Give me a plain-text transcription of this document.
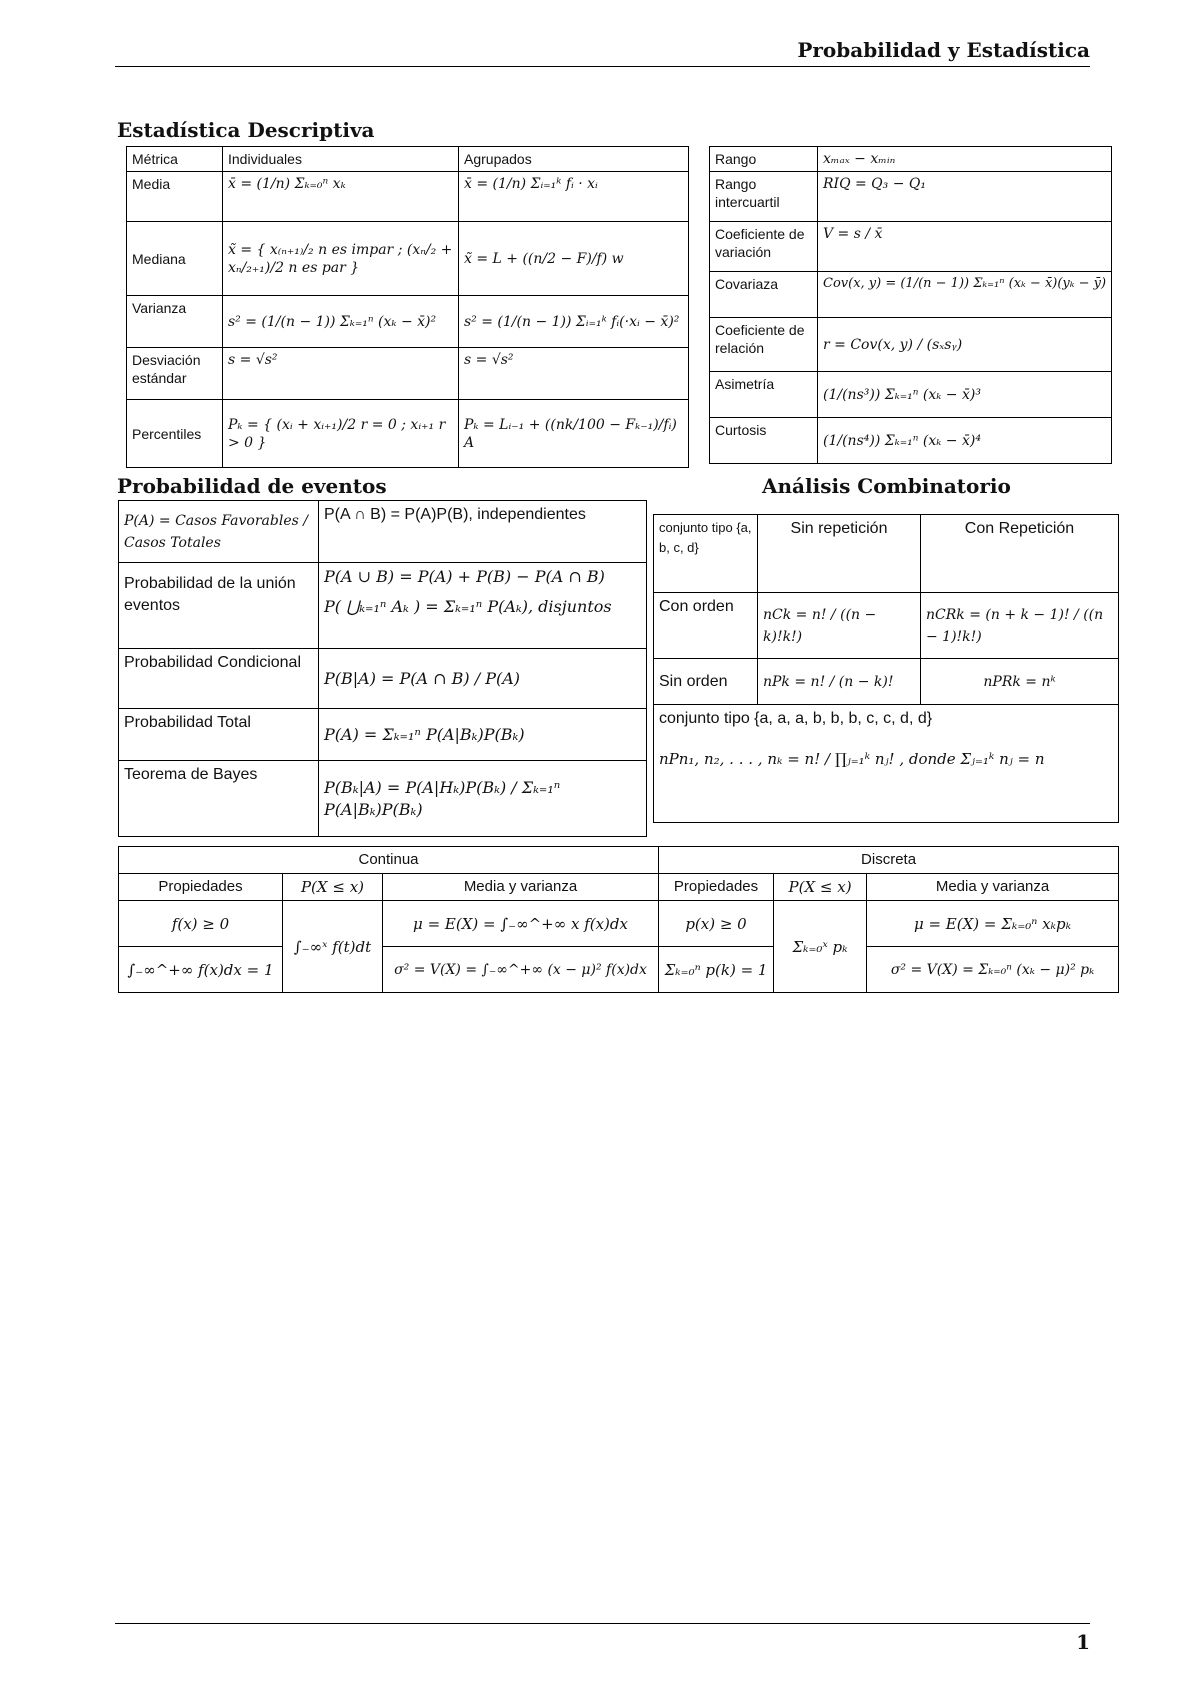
Probabilidad y Estadística
Estadística Descriptiva
Métrica	Individuales	Agrupados
Media	x̄ = (1/n) Σₖ₌₀ⁿ xₖ	x̄ = (1/n) Σᵢ₌₁ᵏ fᵢ · xᵢ
Mediana	x̃ = { x₍ₙ₊₁₎/₂ n es impar ; (xₙ/₂ + xₙ/₂₊₁)/2 n es par }	x̃ = L + ((n/2 − F)/f) w
Varianza	s² = (1/(n − 1)) Σₖ₌₁ⁿ (xₖ − x̄)²	s² = (1/(n − 1)) Σᵢ₌₁ᵏ fᵢ(·xᵢ − x̄)²
Desviación estándar	s = √s²	s = √s²
Percentiles	Pₖ = { (xᵢ + xᵢ₊₁)/2 r = 0 ; xᵢ₊₁ r > 0 }	Pₖ = Lᵢ₋₁ + ((nk/100 − Fₖ₋₁)/fᵢ) A
Rango	xₘₐₓ − xₘᵢₙ
Rango intercuartil	RIQ = Q₃ − Q₁
Coeficiente de variación	V = s / x̄
Covariaza	Cov(x, y) = (1/(n − 1)) Σₖ₌₁ⁿ (xₖ − x̄)(yₖ − ȳ)
Coeficiente de relación	r = Cov(x, y) / (sₓsᵧ)
Asimetría	(1/(ns³)) Σₖ₌₁ⁿ (xₖ − x̄)³
Curtosis	(1/(ns⁴)) Σₖ₌₁ⁿ (xₖ − x̄)⁴
Probabilidad de eventos	Análisis Combinatorio
P(A) = Casos Favorables / Casos Totales	P(A ∩ B) = P(A)P(B), independientes
Probabilidad de la unión eventos	P(A ∪ B) = P(A) + P(B) − P(A ∩ B)
P( ⋃ₖ₌₁ⁿ Aₖ ) = Σₖ₌₁ⁿ P(Aₖ), disjuntos

Probabilidad Condicional	P(B|A) = P(A ∩ B) / P(A)
Probabilidad Total	P(A) = Σₖ₌₁ⁿ P(A|Bₖ)P(Bₖ)
Teorema de Bayes	P(Bₖ|A) = P(A|Hₖ)P(Bₖ) / Σₖ₌₁ⁿ P(A|Bₖ)P(Bₖ)
conjunto tipo {a, b, c, d}	Sin repetición	Con Repetición
Con orden	nCk = n! / ((n − k)!k!)	nCRk = (n + k − 1)! / ((n − 1)!k!)
Sin orden	nPk = n! / (n − k)!	nPRk = nᵏ

conjunto tipo {a, a, a, b, b, b, c, c, d, d}
nPn₁, n₂, . . . , nₖ = n! / ∏ⱼ₌₁ᵏ nⱼ! , donde Σⱼ₌₁ᵏ nⱼ = n		
Continua			Discreta		
Propiedades	P(X ≤ x)	Media y varianza	Propiedades	P(X ≤ x)	Media y varianza
f(x) ≥ 0	∫₋∞ˣ f(t)dt	μ = E(X) = ∫₋∞^+∞ x f(x)dx	p(x) ≥ 0	Σₖ₌₀ˣ pₖ	μ = E(X) = Σₖ₌₀ⁿ xₖpₖ
∫₋∞^+∞ f(x)dx = 1		σ² = V(X) = ∫₋∞^+∞ (x − μ)² f(x)dx	Σₖ₌₀ⁿ p(k) = 1		σ² = V(X) = Σₖ₌₀ⁿ (xₖ − μ)² pₖ
1
